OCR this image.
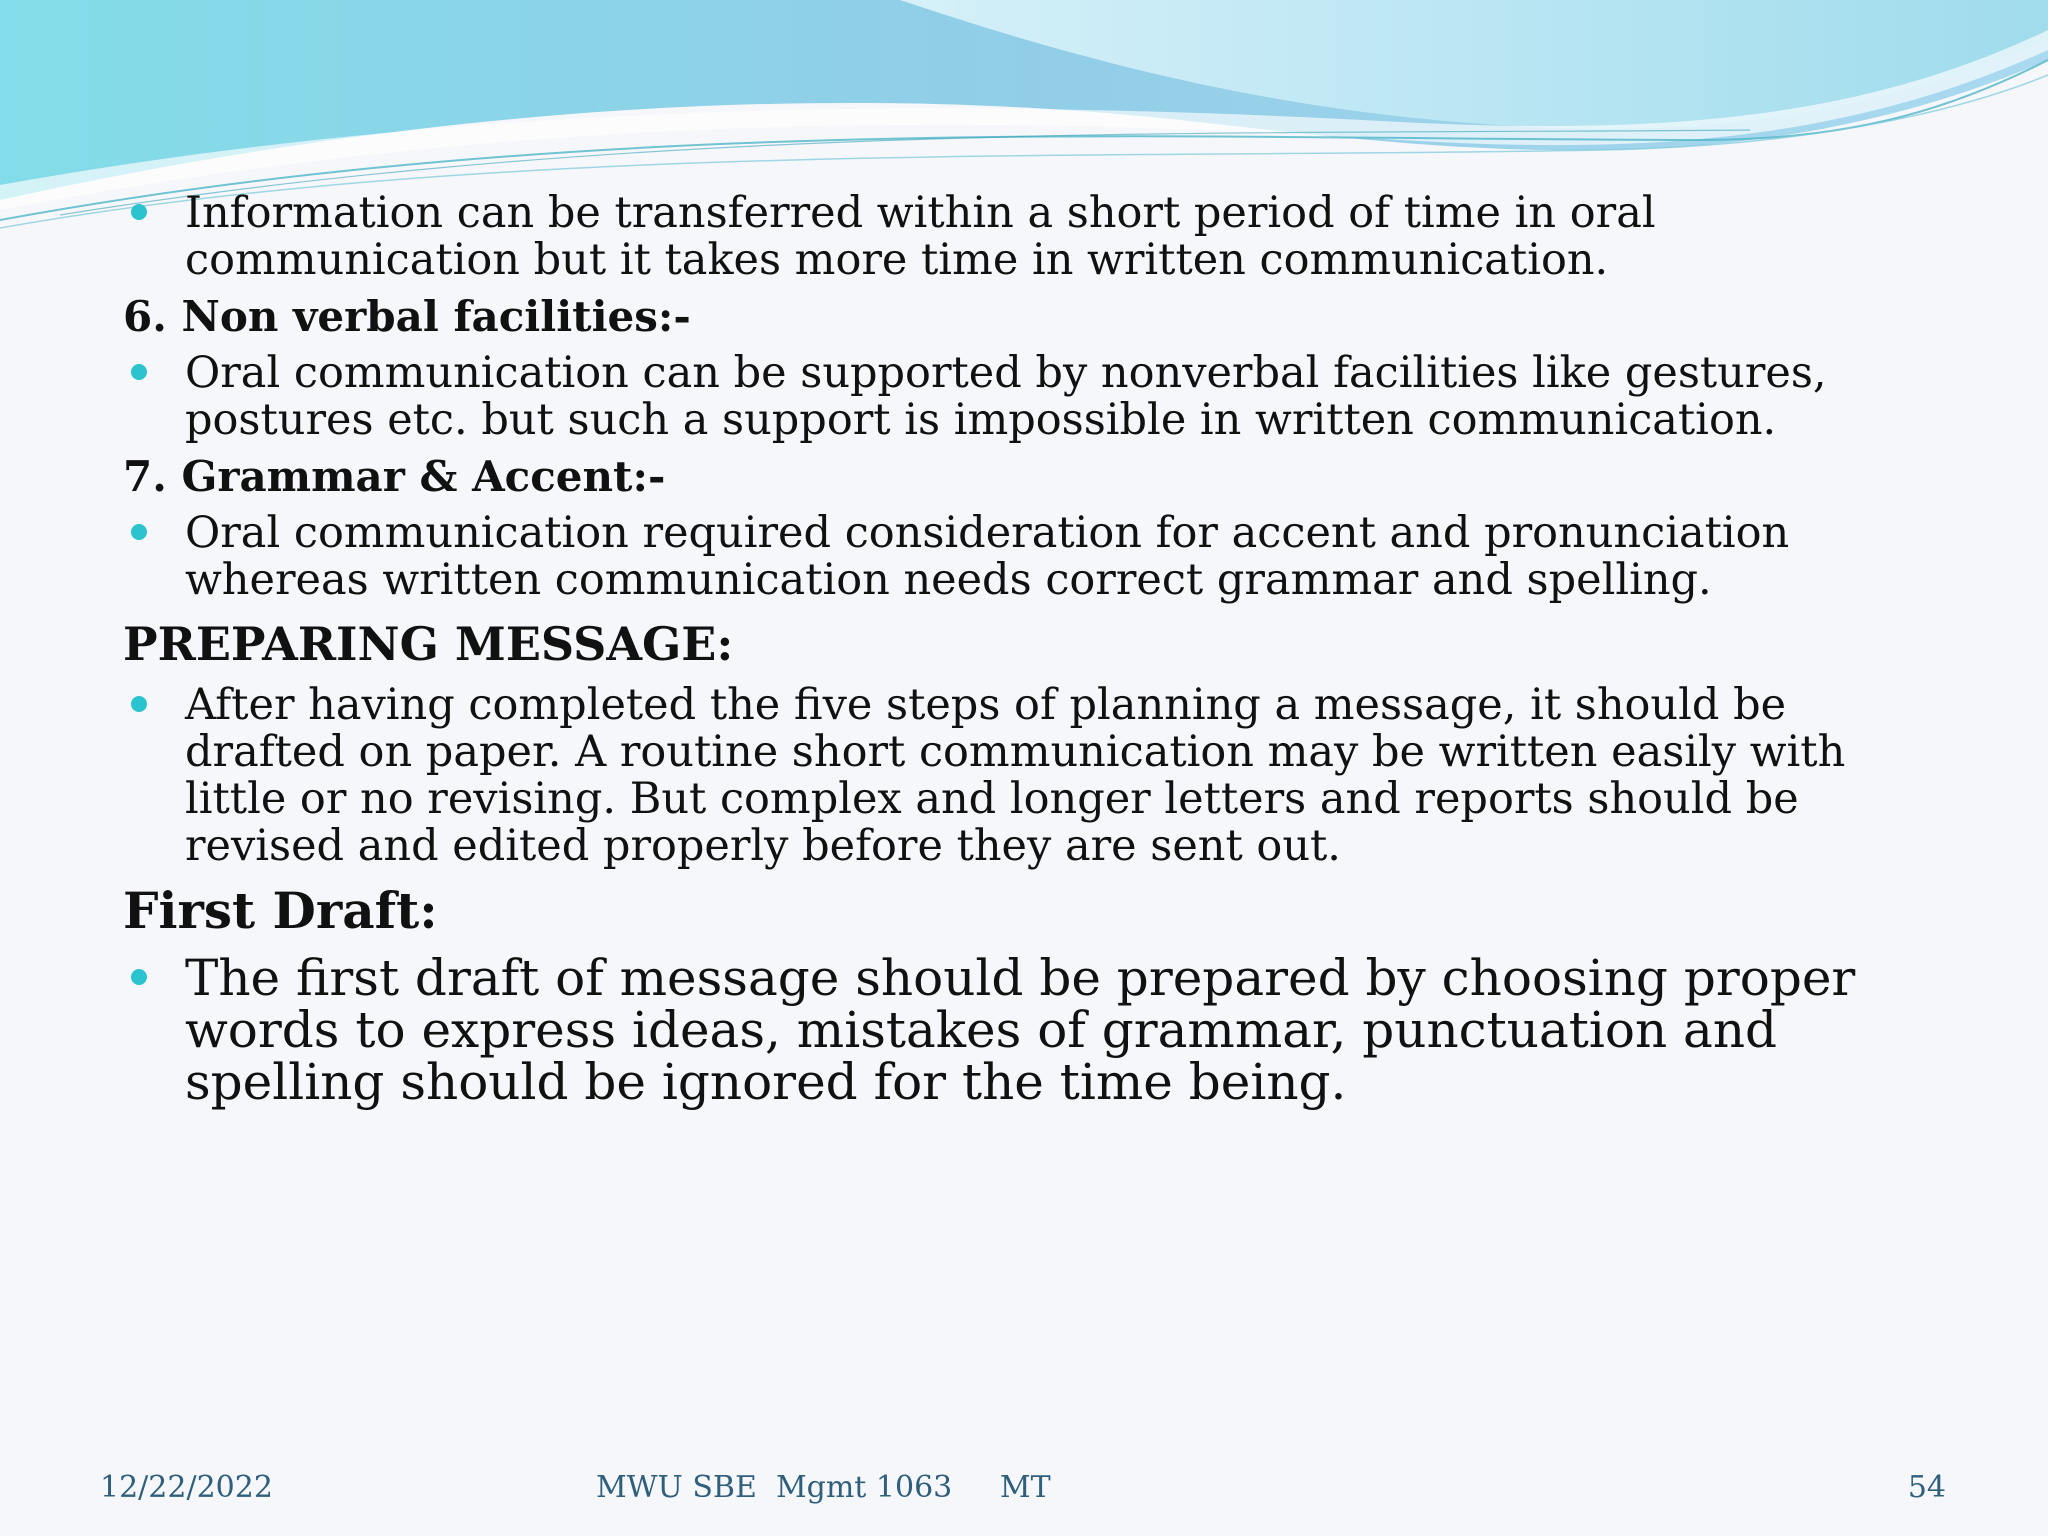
Information can be transferred within a short period of time in oral communication but it takes more time in written communication.
6. Non verbal facilities:-
Oral communication can be supported by nonverbal facilities like gestures, postures etc. but such a support is impossible in written communication.
7. Grammar & Accent:-
Oral communication required consideration for accent and pronunciation whereas written communication needs correct grammar and spelling.
PREPARING MESSAGE:
After having completed the five steps of planning a message, it should be drafted on paper. A routine short communication may be written easily with little or no revising. But complex and longer letters and reports should be revised and edited properly before they are sent out.
First Draft:
The first draft of message should be prepared by choosing proper words to express ideas, mistakes of grammar, punctuation and spelling should be ignored for the time being.
12/22/2022	MWU SBE  Mgmt 1063     MT	54
